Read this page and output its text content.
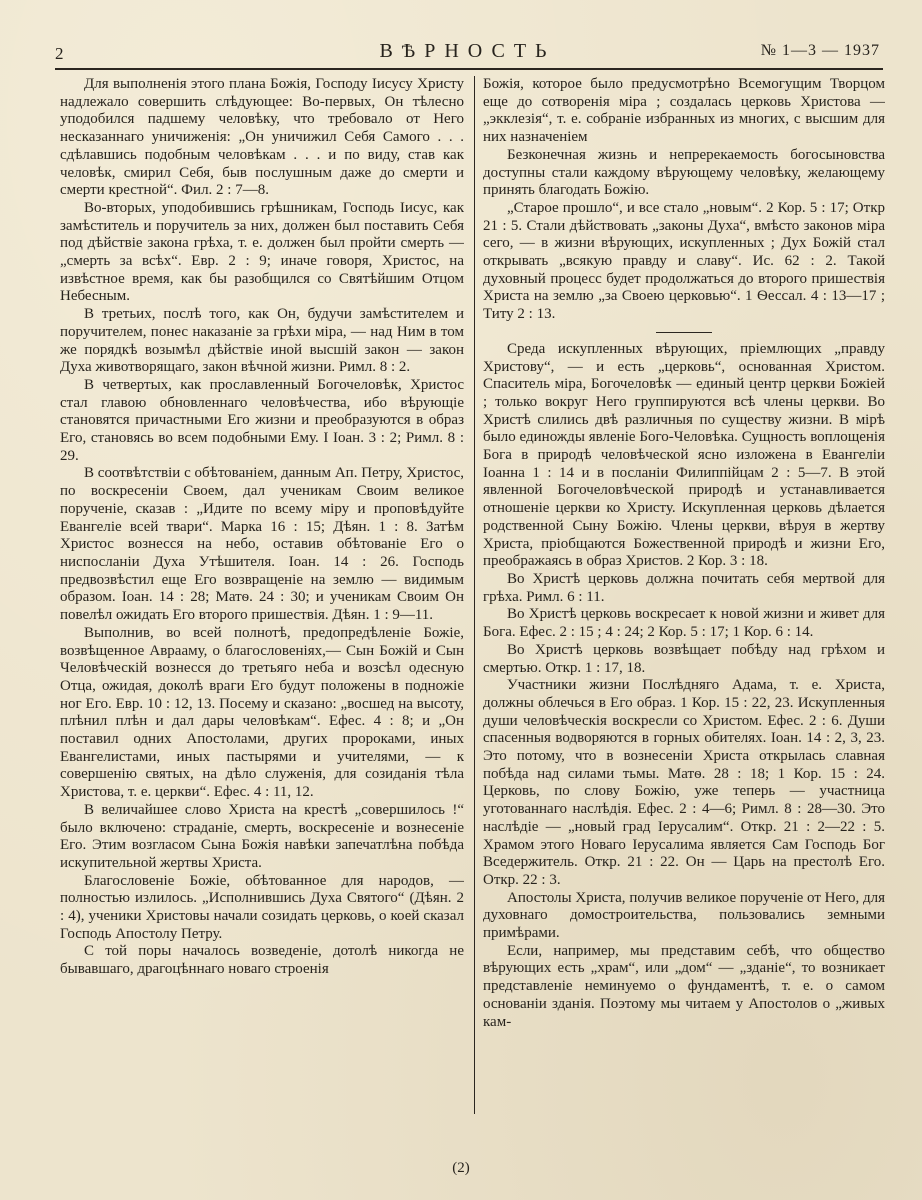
2	ВѢРНОСТЬ	№ 1—3 — 1937

Для выполненія этого плана Божія, Господу Іисусу Христу надлежало совершить слѣдующее: Во-первых, Он тѣлесно уподобился падшему человѣку, что требовало от Него несказаннаго уничиженія: „Он уничижил Себя Самого . . . сдѣлавшись подобным человѣкам . . . и по виду, став как человѣк, смирил Себя, быв послушным даже до смерти и смерти крестной“. Фил. 2 : 7—8.

Во-вторых, уподобившись грѣшникам, Господь Іисус, как замѣститель и поручитель за них, должен был поставить Себя под дѣйствіе закона грѣха, т. е. должен был пройти смерть — „смерть за всѣх“. Евр. 2 : 9; иначе говоря, Христос, на извѣстное время, как бы разобщился со Святѣйшим Отцом Небесным.

В третьих, послѣ того, как Он, будучи замѣстителем и поручителем, понес наказаніе за грѣхи міра, — над Ним в том же порядкѣ возымѣл дѣйствіе иной высшій закон — закон Духа животворящаго, закон вѣчной жизни. Римл. 8 : 2.

В четвертых, как прославленный Богочеловѣк, Христос стал главою обновленнаго человѣчества, ибо вѣрующіе становятся причастными Его жизни и преобразуются в образ Его, становясь во всем подобными Ему. I Іоан. 3 : 2; Римл. 8 : 29.

В соотвѣтствіи с обѣтованіем, данным Ап. Петру, Христос, по воскресеніи Своем, дал ученикам Своим великое порученіе, сказав : „Идите по всему міру и проповѣдуйте Евангеліе всей твари“. Марка 16 : 15; Дѣян. 1 : 8. Затѣм Христос вознесся на небо, оставив обѣтованіе Его о ниспосланіи Духа Утѣшителя. Іоан. 14 : 26. Господь предвозвѣстил еще Его возвращеніе на землю — видимым образом. Іоан. 14 : 28; Матѳ. 24 : 30; и ученикам Своим Он повелѣл ожидать Его второго пришествія. Дѣян. 1 : 9—11.

Выполнив, во всей полнотѣ, предопредѣленіе Божіе, возвѣщенное Аврааму, о благословеніях,— Сын Божій и Сын Человѣческій вознесся до третьяго неба и возсѣл одесную Отца, ожидая, доколѣ враги Его будут положены в подножіе ног Его. Евр. 10 : 12, 13. Посему и сказано: „восшед на высоту, плѣнил плѣн и дал дары человѣкам“. Ефес. 4 : 8; и „Он поставил одних Апостолами, других пророками, иных Евангелистами, иных пастырями и учителями, — к совершенію святых, на дѣло служенія, для созиданія тѣла Христова, т. е. церкви“. Ефес. 4 : 11, 12.

В величайшее слово Христа на крестѣ „совершилось !“ было включено: страданіе, смерть, воскресеніе и вознесеніе Его. Этим возгласом Сына Божія навѣки запечатлѣна побѣда искупительной жертвы Христа.

Благословеніе Божіе, обѣтованное для народов, — полностью излилось. „Исполнившись Духа Святого“ (Дѣян. 2 : 4), ученики Христовы начали созидать церковь, о коей сказал Господь Апостолу Петру.

С той поры началось возведеніе, дотолѣ никогда не бывавшаго, драгоцѣннаго новаго строенія

Божія, которое было предусмотрѣно Всемогущим Творцом еще до сотворенія міра ; создалась церковь Христова — „экклезія“, т. е. собраніе избранных из многих, с высшим для них назначеніем

Безконечная жизнь и непререкаемость богосыновства доступны стали каждому вѣрующему человѣку, желающему принять благодать Божію.

„Старое прошло“, и все стало „новым“. 2 Кор. 5 : 17; Откр 21 : 5. Стали дѣйствовать „законы Духа“, вмѣсто законов міра сего, — в жизни вѣрующих, искупленных ; Дух Божій стал открывать „всякую правду и славу“. Ис. 62 : 2. Такой духовный процесс будет продолжаться до второго пришествія Христа на землю „за Своею церковью“. 1 Ѳессал. 4 : 13—17 ; Титу 2 : 13.

Среда искупленных вѣрующих, пріемлющих „правду Христову“, — и есть „церковь“, основанная Христом. Спаситель міра, Богочеловѣк — единый центр церкви Божіей ; только вокруг Него группируются всѣ члены церкви. Во Христѣ слились двѣ различныя по существу жизни. В мірѣ было единожды явленіе Бого-Человѣка. Сущность воплощенія Бога в природѣ человѣческой ясно изложена в Евангеліи Іоанна 1 : 14 и в посланіи Филиппійцам 2 : 5—7. В этой явленной Богочеловѣческой природѣ и устанавливается отношеніе церкви ко Христу. Искупленная церковь дѣлается родственной Сыну Божію. Члены церкви, вѣруя в жертву Христа, пріобщаются Божественной природѣ и жизни Его, преображаясь в образ Христов. 2 Кор. 3 : 18.

Во Христѣ церковь должна почитать себя мертвой для грѣха. Римл. 6 : 11.

Во Христѣ церковь воскресает к новой жизни и живет для Бога. Ефес. 2 : 15 ; 4 : 24; 2 Кор. 5 : 17; 1 Кор. 6 : 14.

Во Христѣ церковь возвѣщает побѣду над грѣхом и смертью. Откр. 1 : 17, 18.

Участники жизни Послѣдняго Адама, т. е. Христа, должны облечься в Его образ. 1 Кор. 15 : 22, 23. Искупленныя души человѣческія воскресли со Христом. Ефес. 2 : 6. Души спасенныя водворяются в горных обителях. Іоан. 14 : 2, 3, 23. Это потому, что в вознесеніи Христа открылась славная побѣда над силами тьмы. Матѳ. 28 : 18; 1 Кор. 15 : 24. Церковь, по слову Божію, уже теперь — участница уготованнаго наслѣдія. Ефес. 2 : 4—6; Римл. 8 : 28—30. Это наслѣдіе — „новый град Іерусалим“. Откр. 21 : 2—22 : 5. Храмом этого Новаго Іерусалима является Сам Господь Бог Вседержитель. Откр. 21 : 22. Он — Царь на престолѣ Его. Откр. 22 : 3.

Апостолы Христа, получив великое порученіе от Него, для духовнаго домостроительства, пользовались земными примѣрами.

Если, например, мы представим себѣ, что общество вѣрующих есть „храм“, или „дом“ — „зданіе“, то возникает представленіе неминуемо о фундаментѣ, т. е. о самом основаніи зданія. Поэтому мы читаем у Апостолов о „живых кам-

(2)
